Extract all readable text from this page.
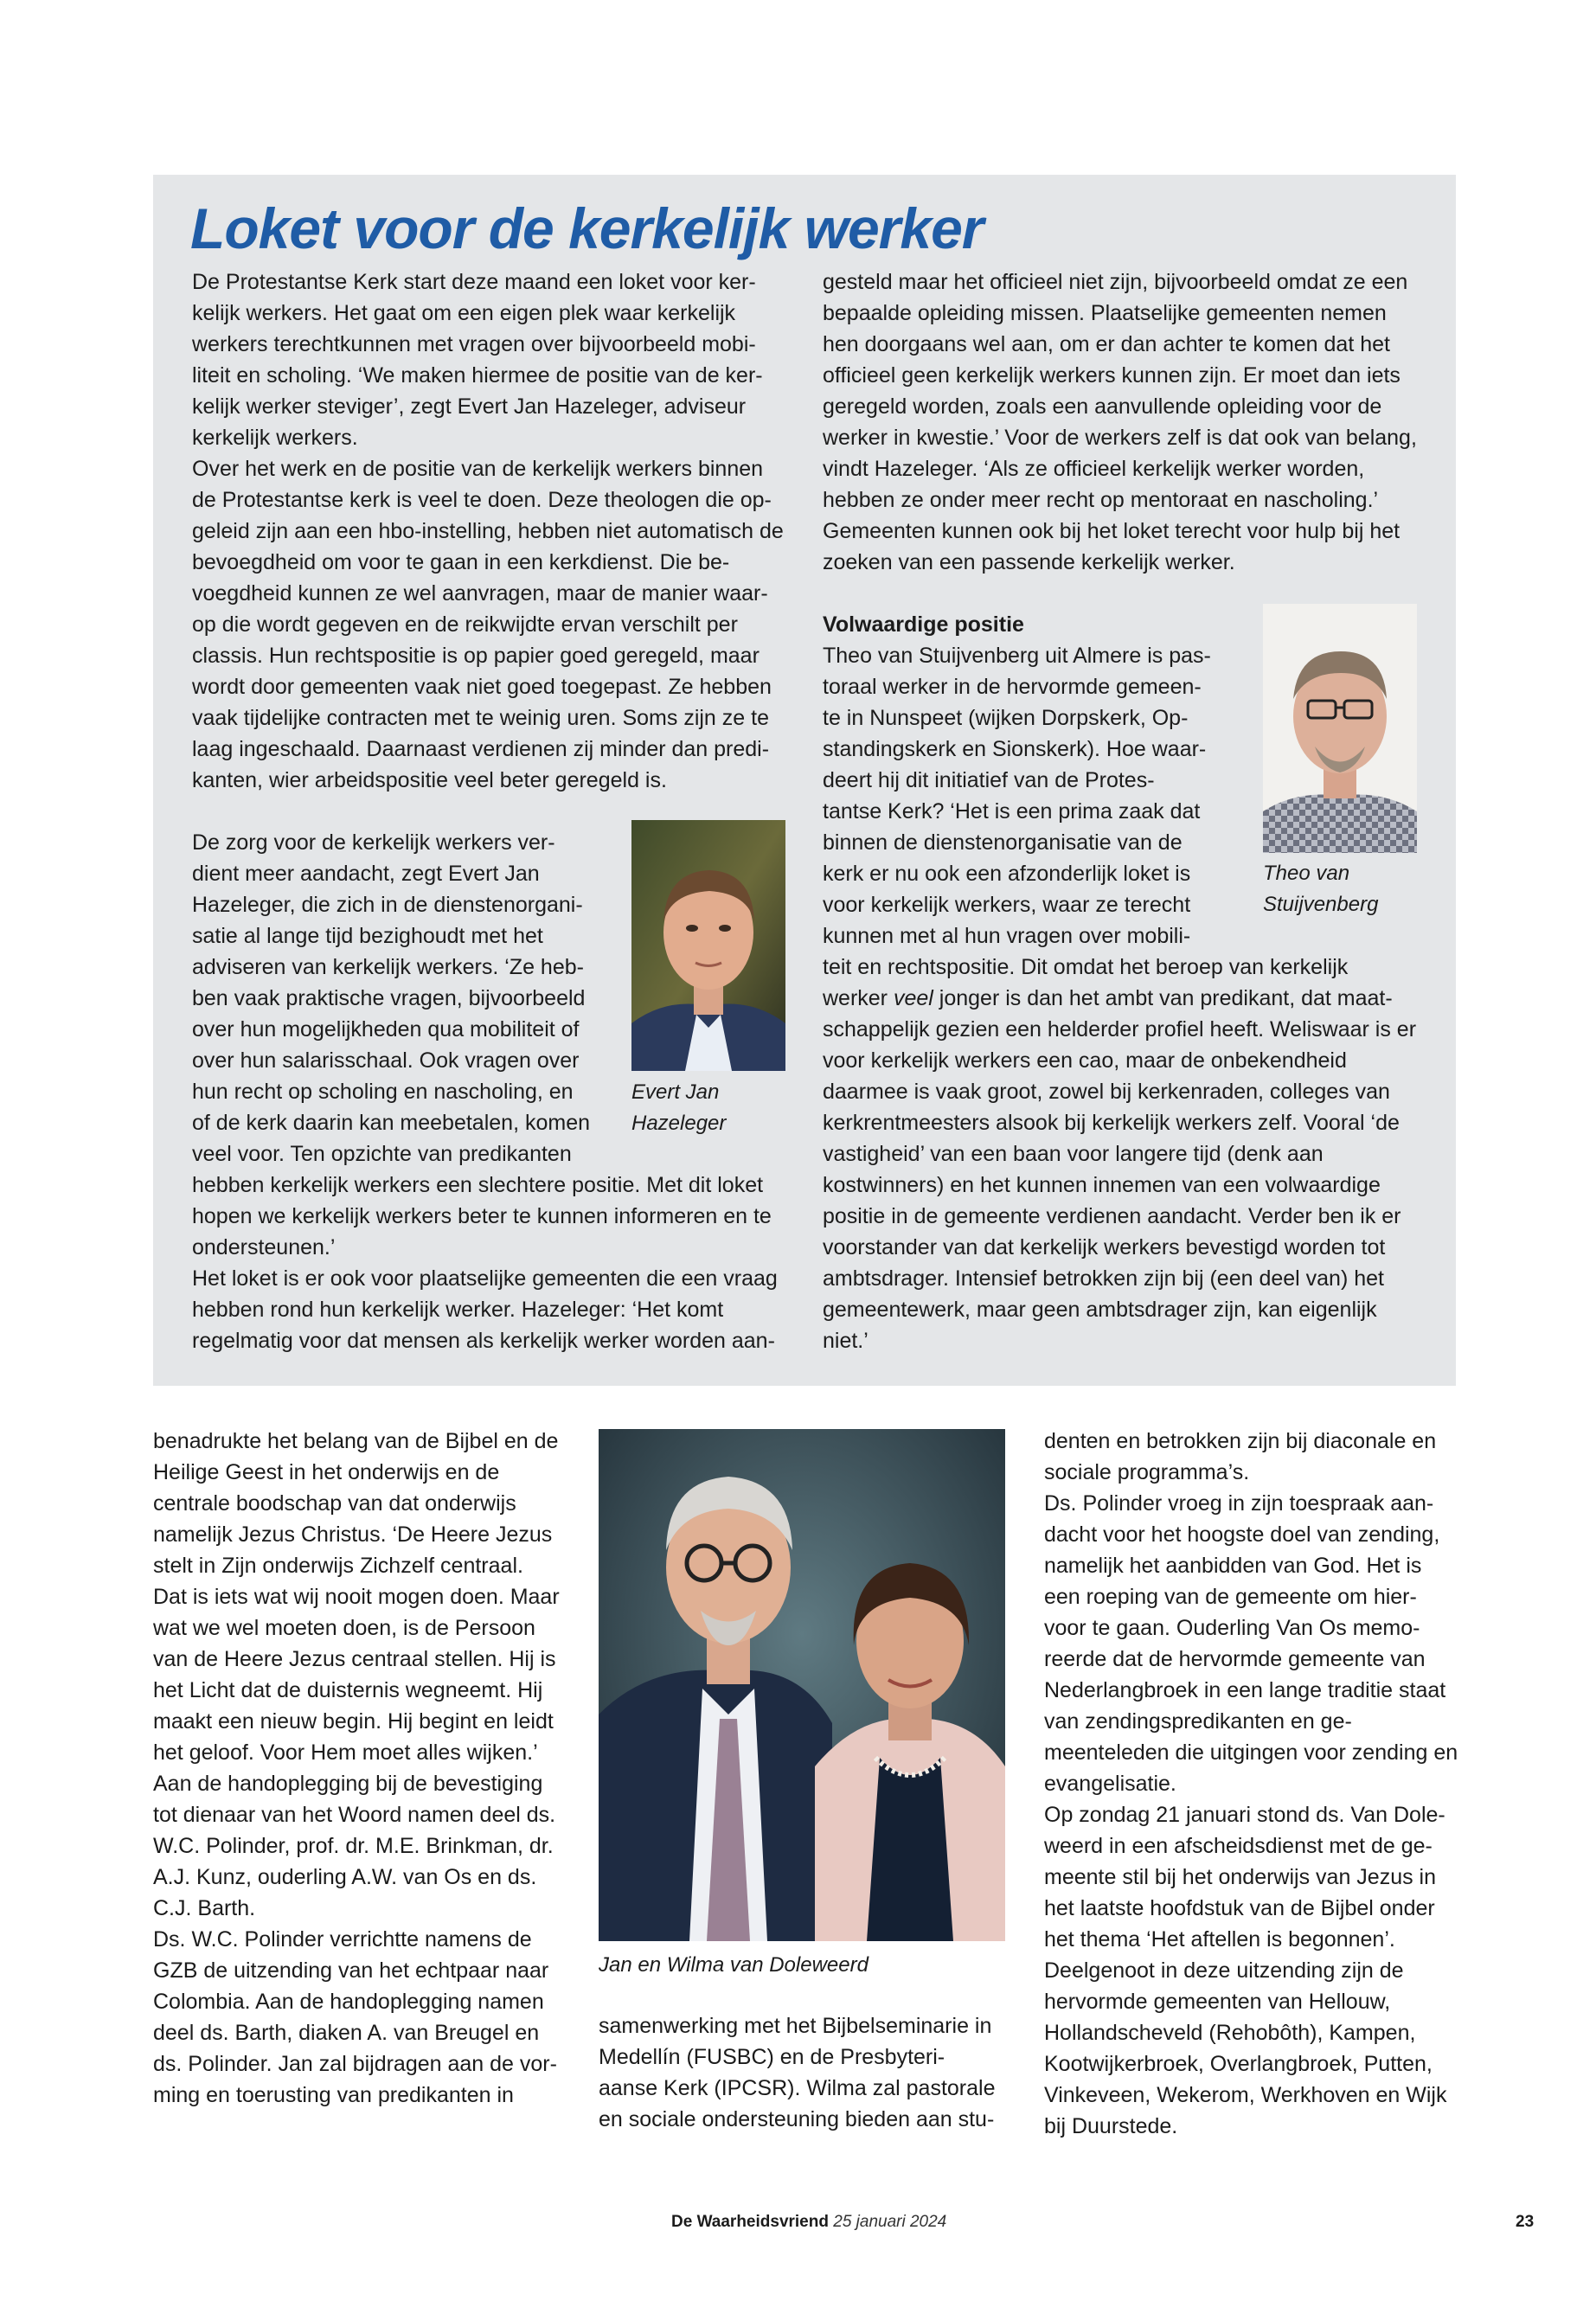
Loket voor de kerkelijk werker

De Protestantse Kerk start deze maand een loket voor ker- kelijk werkers. Het gaat om een eigen plek waar kerkelijk werkers terechtkunnen met vragen over bijvoorbeeld mobi- liteit en scholing. ‘We maken hiermee de positie van de ker- kelijk werker steviger’, zegt Evert Jan Hazeleger, adviseur kerkelijk werkers.

Over het werk en de positie van de kerkelijk werkers binnen de Protestantse kerk is veel te doen. Deze theologen die op- geleid zijn aan een hbo-instelling, hebben niet automatisch de bevoegdheid om voor te gaan in een kerkdienst. Die be- voegdheid kunnen ze wel aanvragen, maar de manier waar- op die wordt gegeven en de reikwijdte ervan verschilt per classis. Hun rechtspositie is op papier goed geregeld, maar wordt door gemeenten vaak niet goed toegepast. Ze hebben vaak tijdelijke contracten met te weinig uren. Soms zijn ze te laag ingeschaald. Daarnaast verdienen zij minder dan predi- kanten, wier arbeidspositie veel beter geregeld is.

De zorg voor de kerkelijk werkers ver-
dient meer aandacht, zegt Evert Jan
Hazeleger, die zich in de dienstenorgani-
satie al lange tijd bezighoudt met het
adviseren van kerkelijk werkers. ‘Ze heb-
ben vaak praktische vragen, bijvoorbeeld
over hun mogelijkheden qua mobiliteit of
over hun salarisschaal. Ook vragen over
hun recht op scholing en nascholing, en
of de kerk daarin kan meebetalen, komen
veel voor. Ten opzichte van predikanten
hebben kerkelijk werkers een slechtere positie. Met dit loket
hopen we kerkelijk werkers beter te kunnen informeren en te
ondersteunen.’

Het loket is er ook voor plaatselijke gemeenten die een vraag hebben rond hun kerkelijk werker. Hazeleger: ‘Het komt regelmatig voor dat mensen als kerkelijk werker worden aan-

Evert Jan
Hazeleger

gesteld maar het officieel niet zijn, bijvoorbeeld omdat ze een bepaalde opleiding missen. Plaatselijke gemeenten nemen hen doorgaans wel aan, om er dan achter te komen dat het officieel geen kerkelijk werkers kunnen zijn. Er moet dan iets geregeld worden, zoals een aanvullende opleiding voor de werker in kwestie.’ Voor de werkers zelf is dat ook van belang, vindt Hazeleger. ‘Als ze officieel kerkelijk werker worden, hebben ze onder meer recht op mentoraat en nascholing.’ Gemeenten kunnen ook bij het loket terecht voor hulp bij het zoeken van een passende kerkelijk werker.

Volwaardige positie

Theo van Stuijvenberg uit Almere is pas-
toraal werker in de hervormde gemeen-
te in Nunspeet (wijken Dorpskerk, Op-
standingskerk en Sionskerk). Hoe waar-
deert hij dit initiatief van de Protes-
tantse Kerk? ‘Het is een prima zaak dat
binnen de dienstenorganisatie van de
kerk er nu ook een afzonderlijk loket is
voor kerkelijk werkers, waar ze terecht
kunnen met al hun vragen over mobili-
teit en rechtspositie. Dit omdat het beroep van kerkelijk

werker veel jonger is dan het ambt van predikant, dat maat- schappelijk gezien een helderder profiel heeft. Weliswaar is er voor kerkelijk werkers een cao, maar de onbekendheid daarmee is vaak groot, zowel bij kerkenraden, colleges van kerkrentmeesters alsook bij kerkelijk werkers zelf. Vooral ‘de vastigheid’ van een baan voor langere tijd (denk aan kostwinners) en het kunnen innemen van een volwaardige positie in de gemeente verdienen aandacht. Verder ben ik er voorstander van dat kerkelijk werkers bevestigd worden tot ambtsdrager. Intensief betrokken zijn bij (een deel van) het gemeentewerk, maar geen ambtsdrager zijn, kan eigenlijk niet.’

Theo van
Stuijvenberg

benadrukte het belang van de Bijbel en de Heilige Geest in het onderwijs en de centrale boodschap van dat onderwijs namelijk Jezus Christus. ‘De Heere Jezus stelt in Zijn onderwijs Zichzelf centraal. Dat is iets wat wij nooit mogen doen. Maar wat we wel moeten doen, is de Persoon van de Heere Jezus centraal stellen. Hij is het Licht dat de duisternis wegneemt. Hij maakt een nieuw begin. Hij begint en leidt het geloof. Voor Hem moet alles wijken.’

Aan de handoplegging bij de bevestiging tot dienaar van het Woord namen deel ds. W.C. Polinder, prof. dr. M.E. Brinkman, dr. A.J. Kunz, ouderling A.W. van Os en ds. C.J. Barth.

Ds. W.C. Polinder verrichtte namens de GZB de uitzending van het echtpaar naar Colombia. Aan de handoplegging namen deel ds. Barth, diaken A. van Breugel en ds. Polinder. Jan zal bijdragen aan de vor- ming en toerusting van predikanten in

Jan en Wilma van Doleweerd

samenwerking met het Bijbelseminarie in Medellín (FUSBC) en de Presbyteri- aanse Kerk (IPCSR). Wilma zal pastorale en sociale ondersteuning bieden aan stu-

denten en betrokken zijn bij diaconale en sociale programma’s.

Ds. Polinder vroeg in zijn toespraak aan- dacht voor het hoogste doel van zending, namelijk het aanbidden van God. Het is een roeping van de gemeente om hier- voor te gaan. Ouderling Van Os memo- reerde dat de hervormde gemeente van Nederlangbroek in een lange traditie staat van zendingspredikanten en ge- meenteleden die uitgingen voor zending en evangelisatie.

Op zondag 21 januari stond ds. Van Dole- weerd in een afscheidsdienst met de ge- meente stil bij het onderwijs van Jezus in het laatste hoofdstuk van de Bijbel onder het thema ‘Het aftellen is begonnen’. Deelgenoot in deze uitzending zijn de hervormde gemeenten van Hellouw, Hollandscheveld (Rehobôth), Kampen, Kootwijkerbroek, Overlangbroek, Putten, Vinkeveen, Wekerom, Werkhoven en Wijk bij Duurstede.

De Waarheidsvriend 25 januari 2024	23
